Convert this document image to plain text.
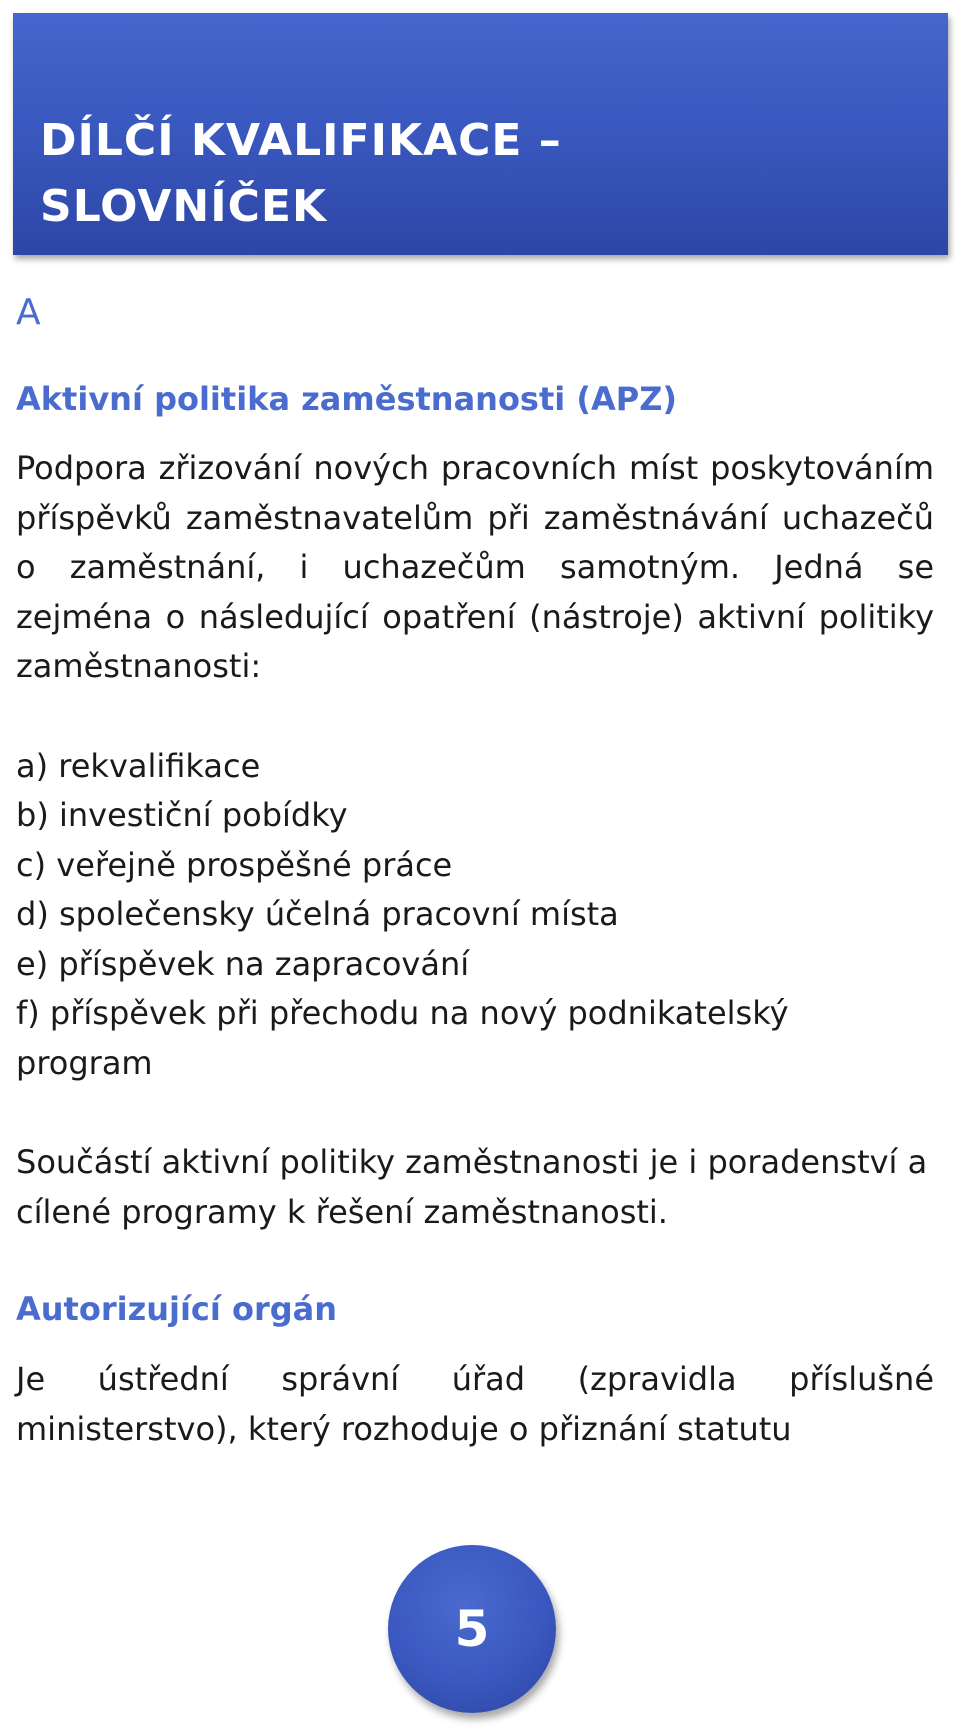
DÍLČÍ KVALIFIKACE –
SLOVNÍČEK
A
Aktivní politika zaměstnanosti (APZ)

Podpora zřizování nových pracovních míst poskytováním příspěvků zaměstnavatelům při zaměstnávání uchazečů o zaměstnání, i uchazečům samotným. Jedná se zejména o následující opatření (nástroje) aktivní politiky zaměstnanosti:

a) rekvalifikace
b) investiční pobídky
c) veřejně prospěšné práce
d) společensky účelná pracovní místa
e) příspěvek na zapracování
f) příspěvek při přechodu na nový podnikatelský program

Součástí aktivní politiky zaměstnanosti je i poradenství a cílené programy k řešení zaměstnanosti.

Autorizující orgán

Je ústřední správní úřad (zpravidla příslušné ministerstvo), který rozhoduje o přiznání statutu

5
